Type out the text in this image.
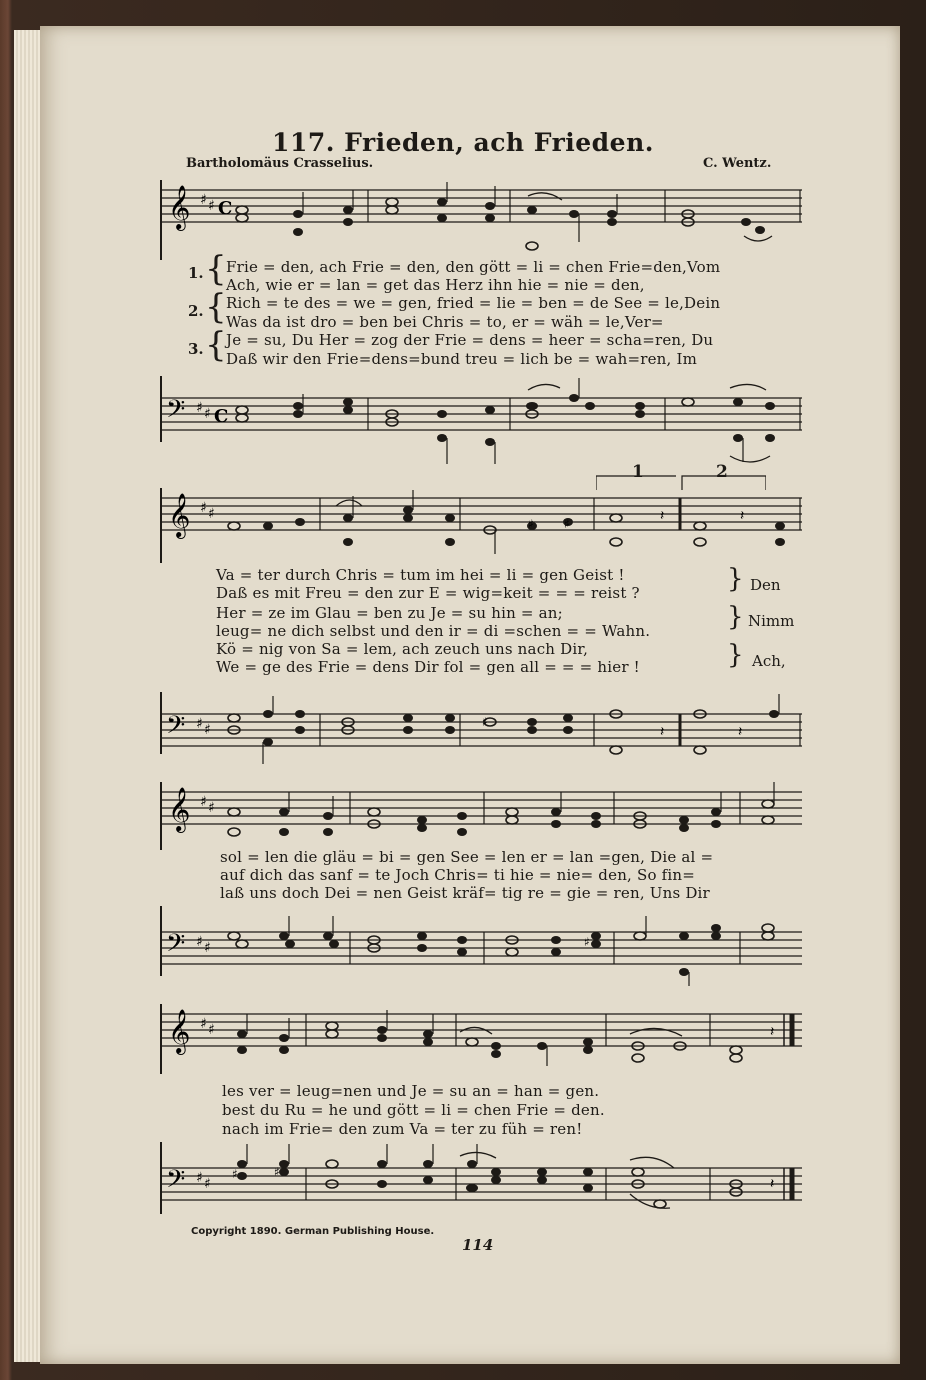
117. Frieden, ach Frieden.
Bartholomäus Crasselius.	C. Wentz.
𝄞 ♯ ♯ C
1.
2.
3.
{
{
{
Frie = den, ach Frie = den, den gött = li = chen Frie=den,Vom
Ach, wie er = lan = get das Herz ihn hie = nie = den,
Rich = te des = we = gen, fried = lie = ben = de See = le,Dein
Was da ist dro = ben bei Chris = to, er = wäh = le,Ver=
Je = su, Du Her = zog der Frie = dens = heer = scha=ren, Du
Daß wir den Frie=dens=bund treu = lich be = wah=ren, Im
𝄢 ♯ ♯ C
1	2
𝄞 ♯ ♯
♯	♯	𝄽	𝄽
Va = ter durch Chris = tum im hei = li = gen Geist !
Daß es mit Freu = den zur E = wig=keit = = = reist ?
Her = ze im Glau = ben zu Je = su hin = an;
leug= ne dich selbst und den ir = di =schen = = Wahn.
Kö = nig von Sa = lem, ach zeuch uns nach Dir,
We = ge des Frie = dens Dir fol = gen all = = = hier !
}
}
}
Den
Nimm
Ach,
𝄢 ♯ ♯	♯
𝄽	𝄽
𝄞 ♯ ♯
sol = len die gläu = bi = gen See = len er = lan =gen, Die al =
auf dich das sanf = te Joch Chris= ti hie = nie= den, So fin=
laß uns doch Dei = nen Geist kräf= tig re = gie = ren, Uns Dir
𝄢 ♯ ♯	♯
𝄞 ♯ ♯	𝄽
les ver = leug=nen und Je = su an = han = gen.
best du Ru = he und gött = li = chen Frie = den.
nach im Frie= den zum Va = ter zu füh = ren!
𝄢 ♯ ♯
♯	♯
𝄽
Copyright 1890. German Publishing House.
114
